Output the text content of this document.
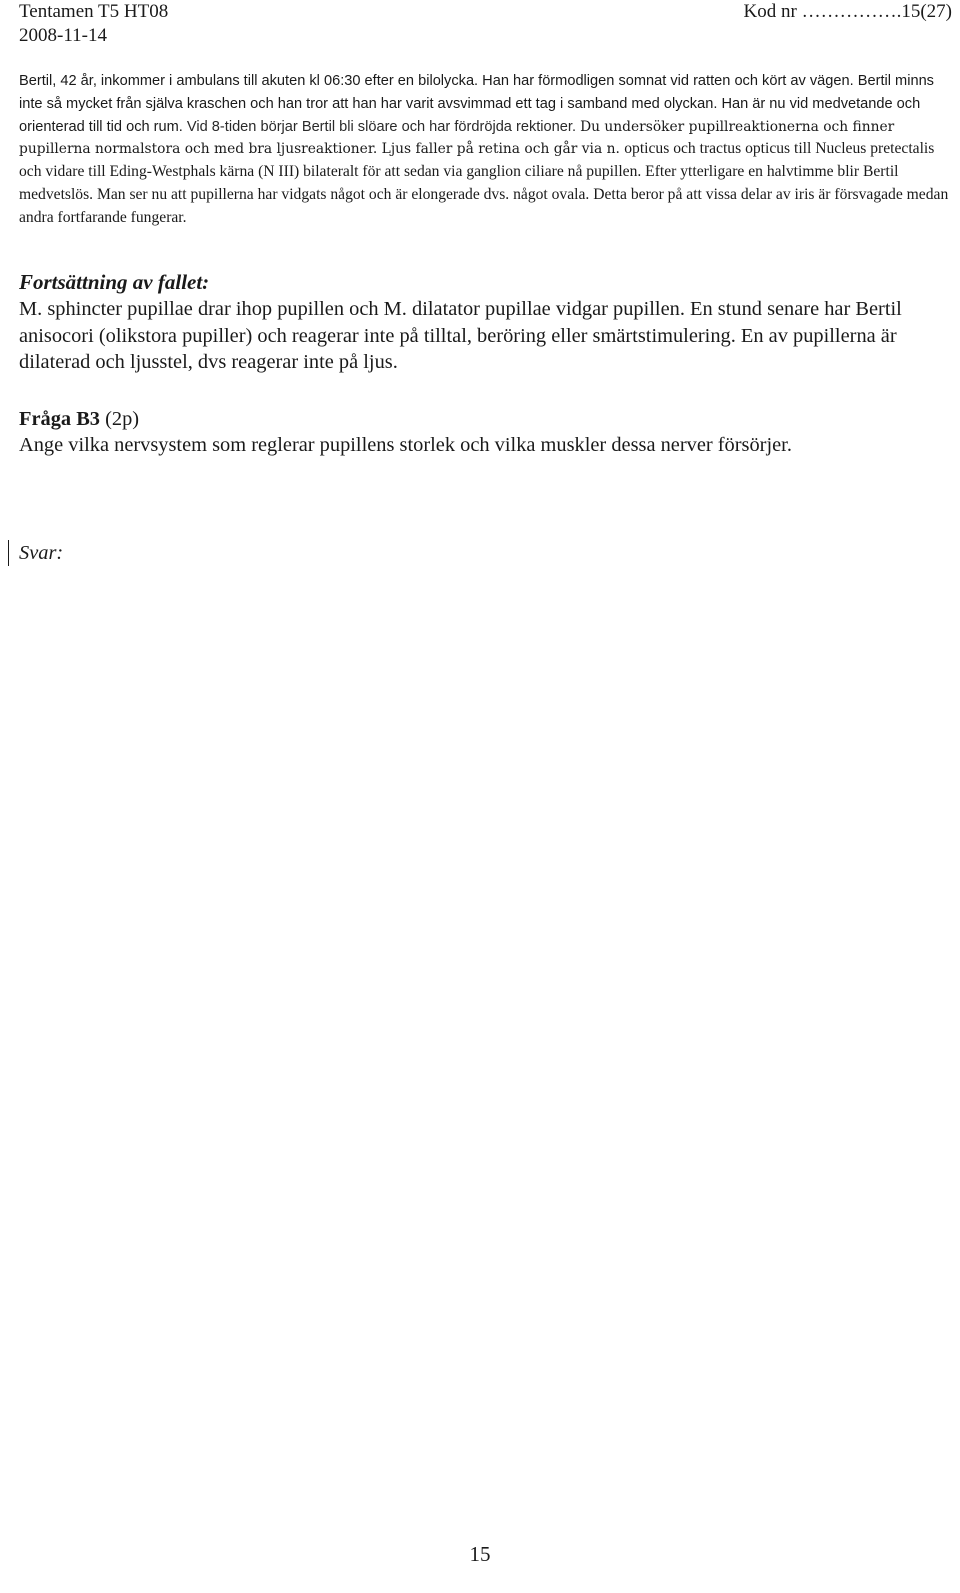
Tentamen T5 HT08	Kod nr …………….15(27)
2008-11-14

Bertil, 42 år, inkommer i ambulans till akuten kl 06:30 efter en bilolycka. Han har förmodligen somnat vid ratten och kört av vägen. Bertil minns inte så mycket från själva kraschen och han tror att han har varit avsvimmad ett tag i samband med olyckan. Han är nu vid medvetande och orienterad till tid och rum. Vid 8-tiden börjar Bertil bli slöare och har fördröjda rektioner. Du undersöker pupillreaktionerna och finner pupillerna normalstora och med bra ljusreaktioner. Ljus faller på retina och går via n. opticus och tractus opticus till Nucleus pretectalis och vidare till Eding-Westphals kärna (N III) bilateralt för att sedan via ganglion ciliare nå pupillen. Efter ytterligare en halvtimme blir Bertil medvetslös. Man ser nu att pupillerna har vidgats något och är elongerade dvs. något ovala. Detta beror på att vissa delar av iris är försvagade medan andra fortfarande fungerar.

Fortsättning av fallet:

M. sphincter pupillae drar ihop pupillen och M. dilatator pupillae vidgar pupillen. En stund senare har Bertil anisocori (olikstora pupiller) och reagerar inte på tilltal, beröring eller smärtstimulering. En av pupillerna är dilaterad och ljusstel, dvs reagerar inte på ljus.

Fråga B3 (2p)

Ange vilka nervsystem som reglerar pupillens storlek och vilka muskler dessa nerver försörjer.

Svar:
15
